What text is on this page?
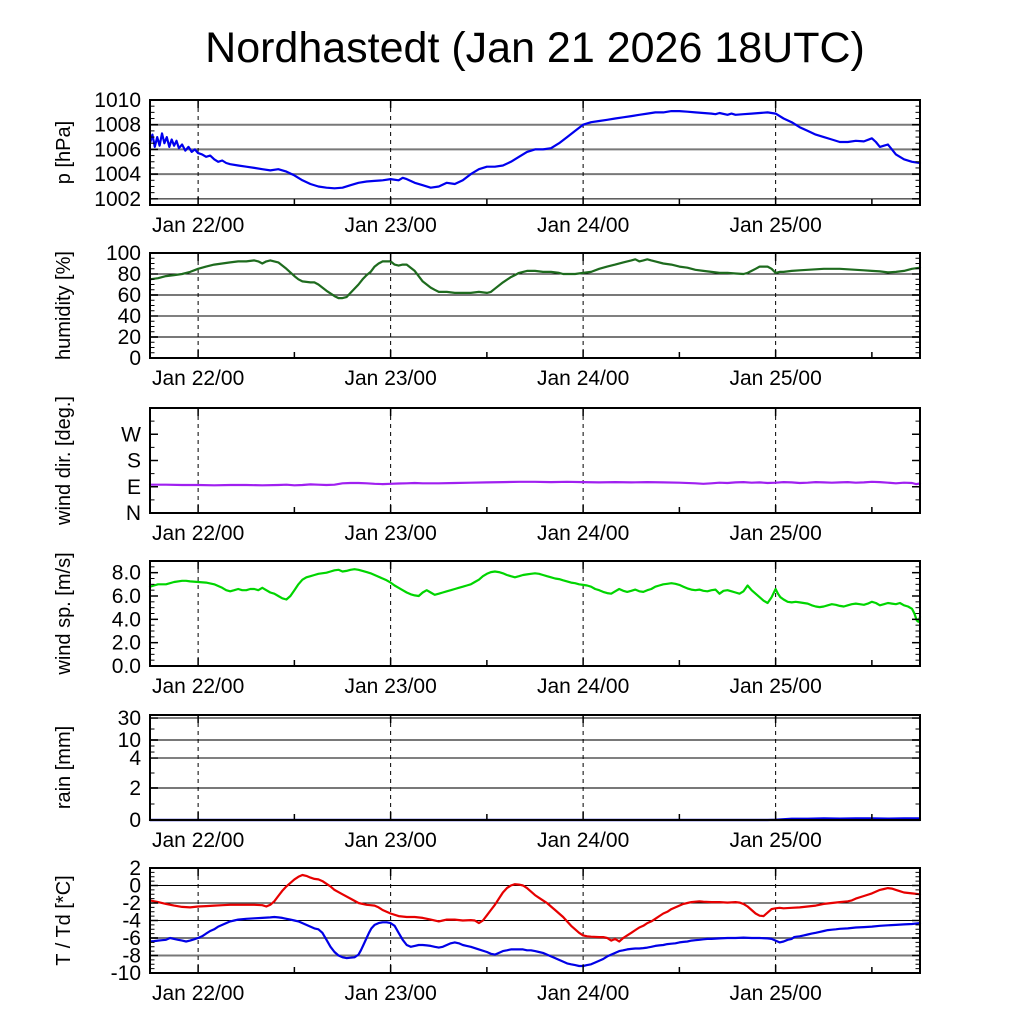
Nordhastedt (Jan 21 2026 18UTC)
1002
1004
1006
1008
1010
Jan 22/00	Jan 23/00	Jan 24/00	Jan 25/00
p [hPa]
0
20
40
60
80
100
Jan 22/00	Jan 23/00	Jan 24/00	Jan 25/00
humidity [%]
N
E
S
W
Jan 22/00	Jan 23/00	Jan 24/00	Jan 25/00
wind dir. [deg.]
0.0
2.0
4.0
6.0
8.0
Jan 22/00	Jan 23/00	Jan 24/00	Jan 25/00
wind sp. [m/s]
0
2
4
10
30
Jan 22/00	Jan 23/00	Jan 24/00	Jan 25/00
rain [mm]
-10
-8
-6
-4
-2
0
2
Jan 22/00	Jan 23/00	Jan 24/00	Jan 25/00
T / Td [*C]
